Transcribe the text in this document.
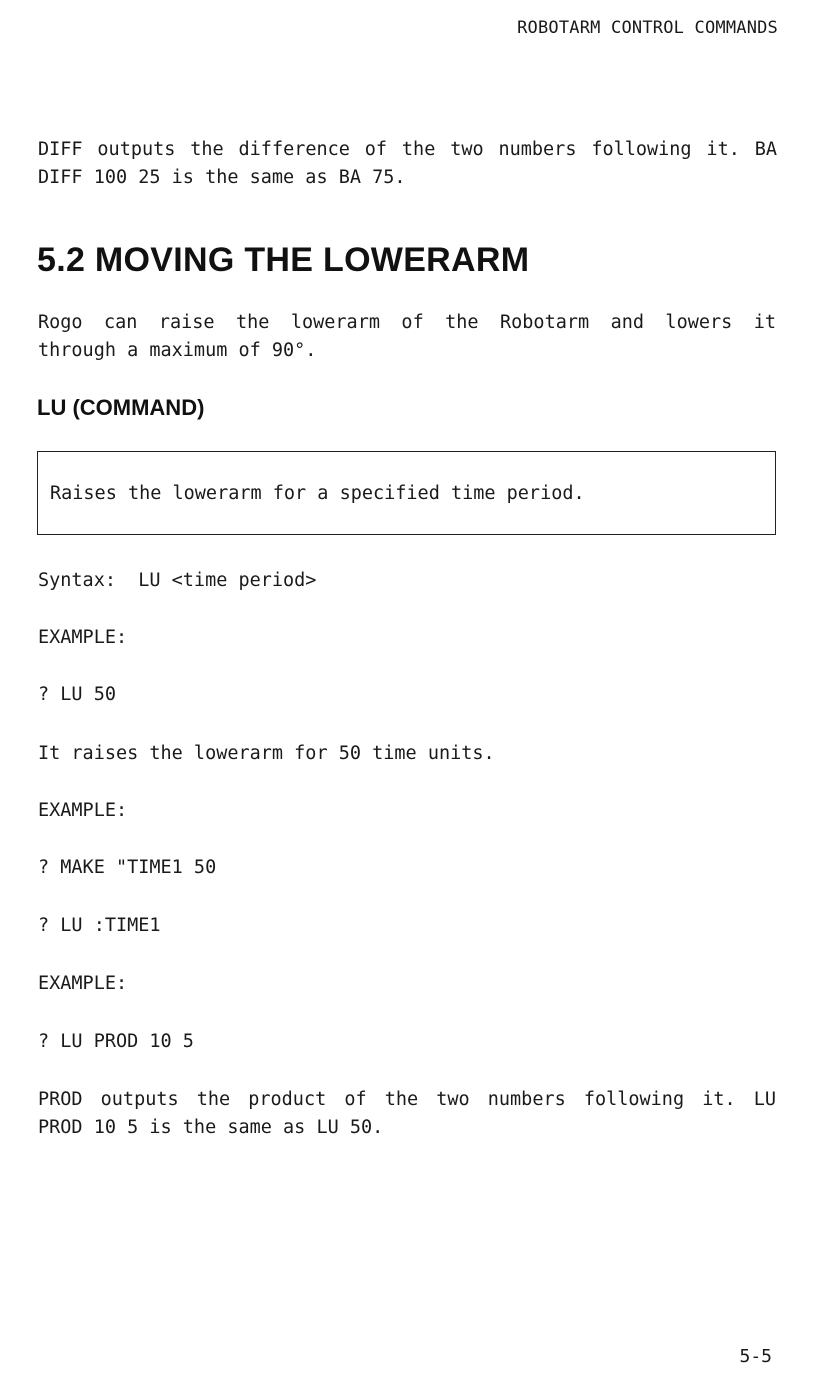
ROBOTARM CONTROL COMMANDS
DIFF outputs the difference of the two numbers following it. BA
DIFF 100 25 is the same as BA 75.
5.2 MOVING THE LOWERARM
Rogo can raise the lowerarm of the Robotarm and lowers it
through a maximum of 90°.
LU (COMMAND)
Raises the lowerarm for a specified time period.
Syntax:  LU <time period>
EXAMPLE:
? LU 50
It raises the lowerarm for 50 time units.
EXAMPLE:
? MAKE "TIME1 50
? LU :TIME1
EXAMPLE:
? LU PROD 10 5
PROD outputs the product of the two numbers following it. LU
PROD 10 5 is the same as LU 50.
5-5
